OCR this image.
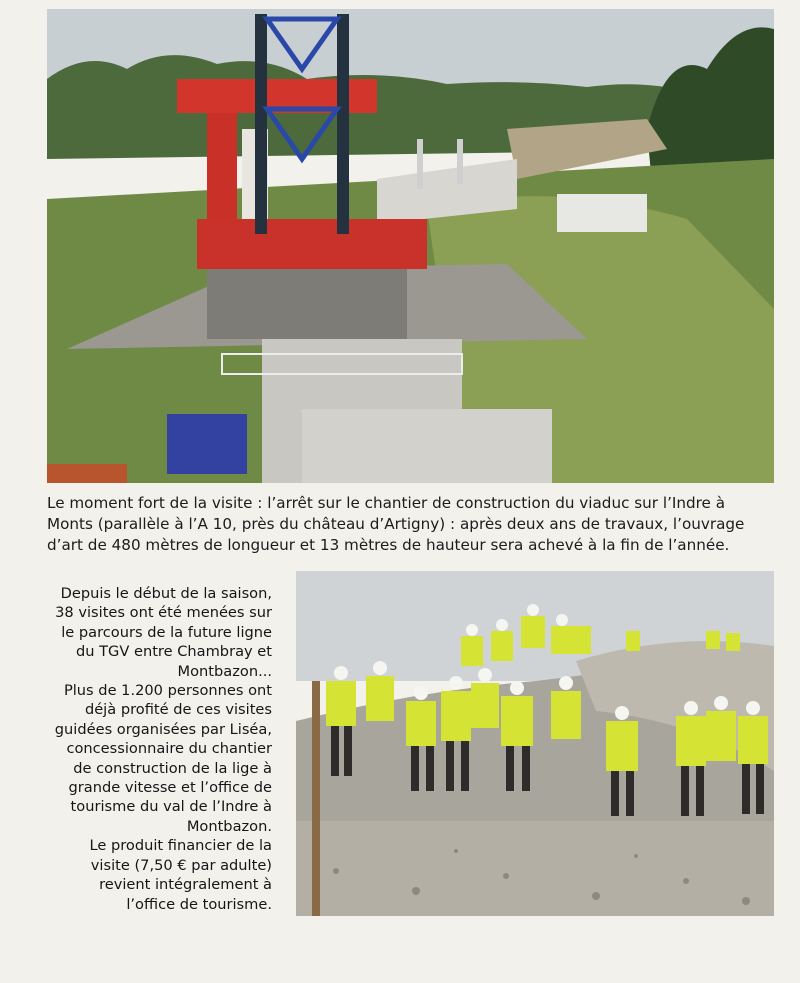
Le moment fort de la visite : l’arrêt sur le chantier de construction du viaduc sur l’Indre à Monts (parallèle à l’A 10, près du château d’Artigny) : après deux ans de travaux, l’ouvrage d’art de 480 mètres de longueur et 13 mètres de hauteur sera achevé à la fin de l’année.

Depuis le début de la saison, 38 visites ont été menées sur le parcours de la future ligne du TGV entre Chambray et Montbazon...

Plus de 1.200 personnes ont déjà profité de ces visites guidées organisées par Liséa, concessionnaire du chantier de construction de la lige à grande vitesse et l’office de tourisme du val de l’Indre à Montbazon.

Le produit financier de la visite (7,50 € par adulte) revient intégralement à l’office de tourisme.
